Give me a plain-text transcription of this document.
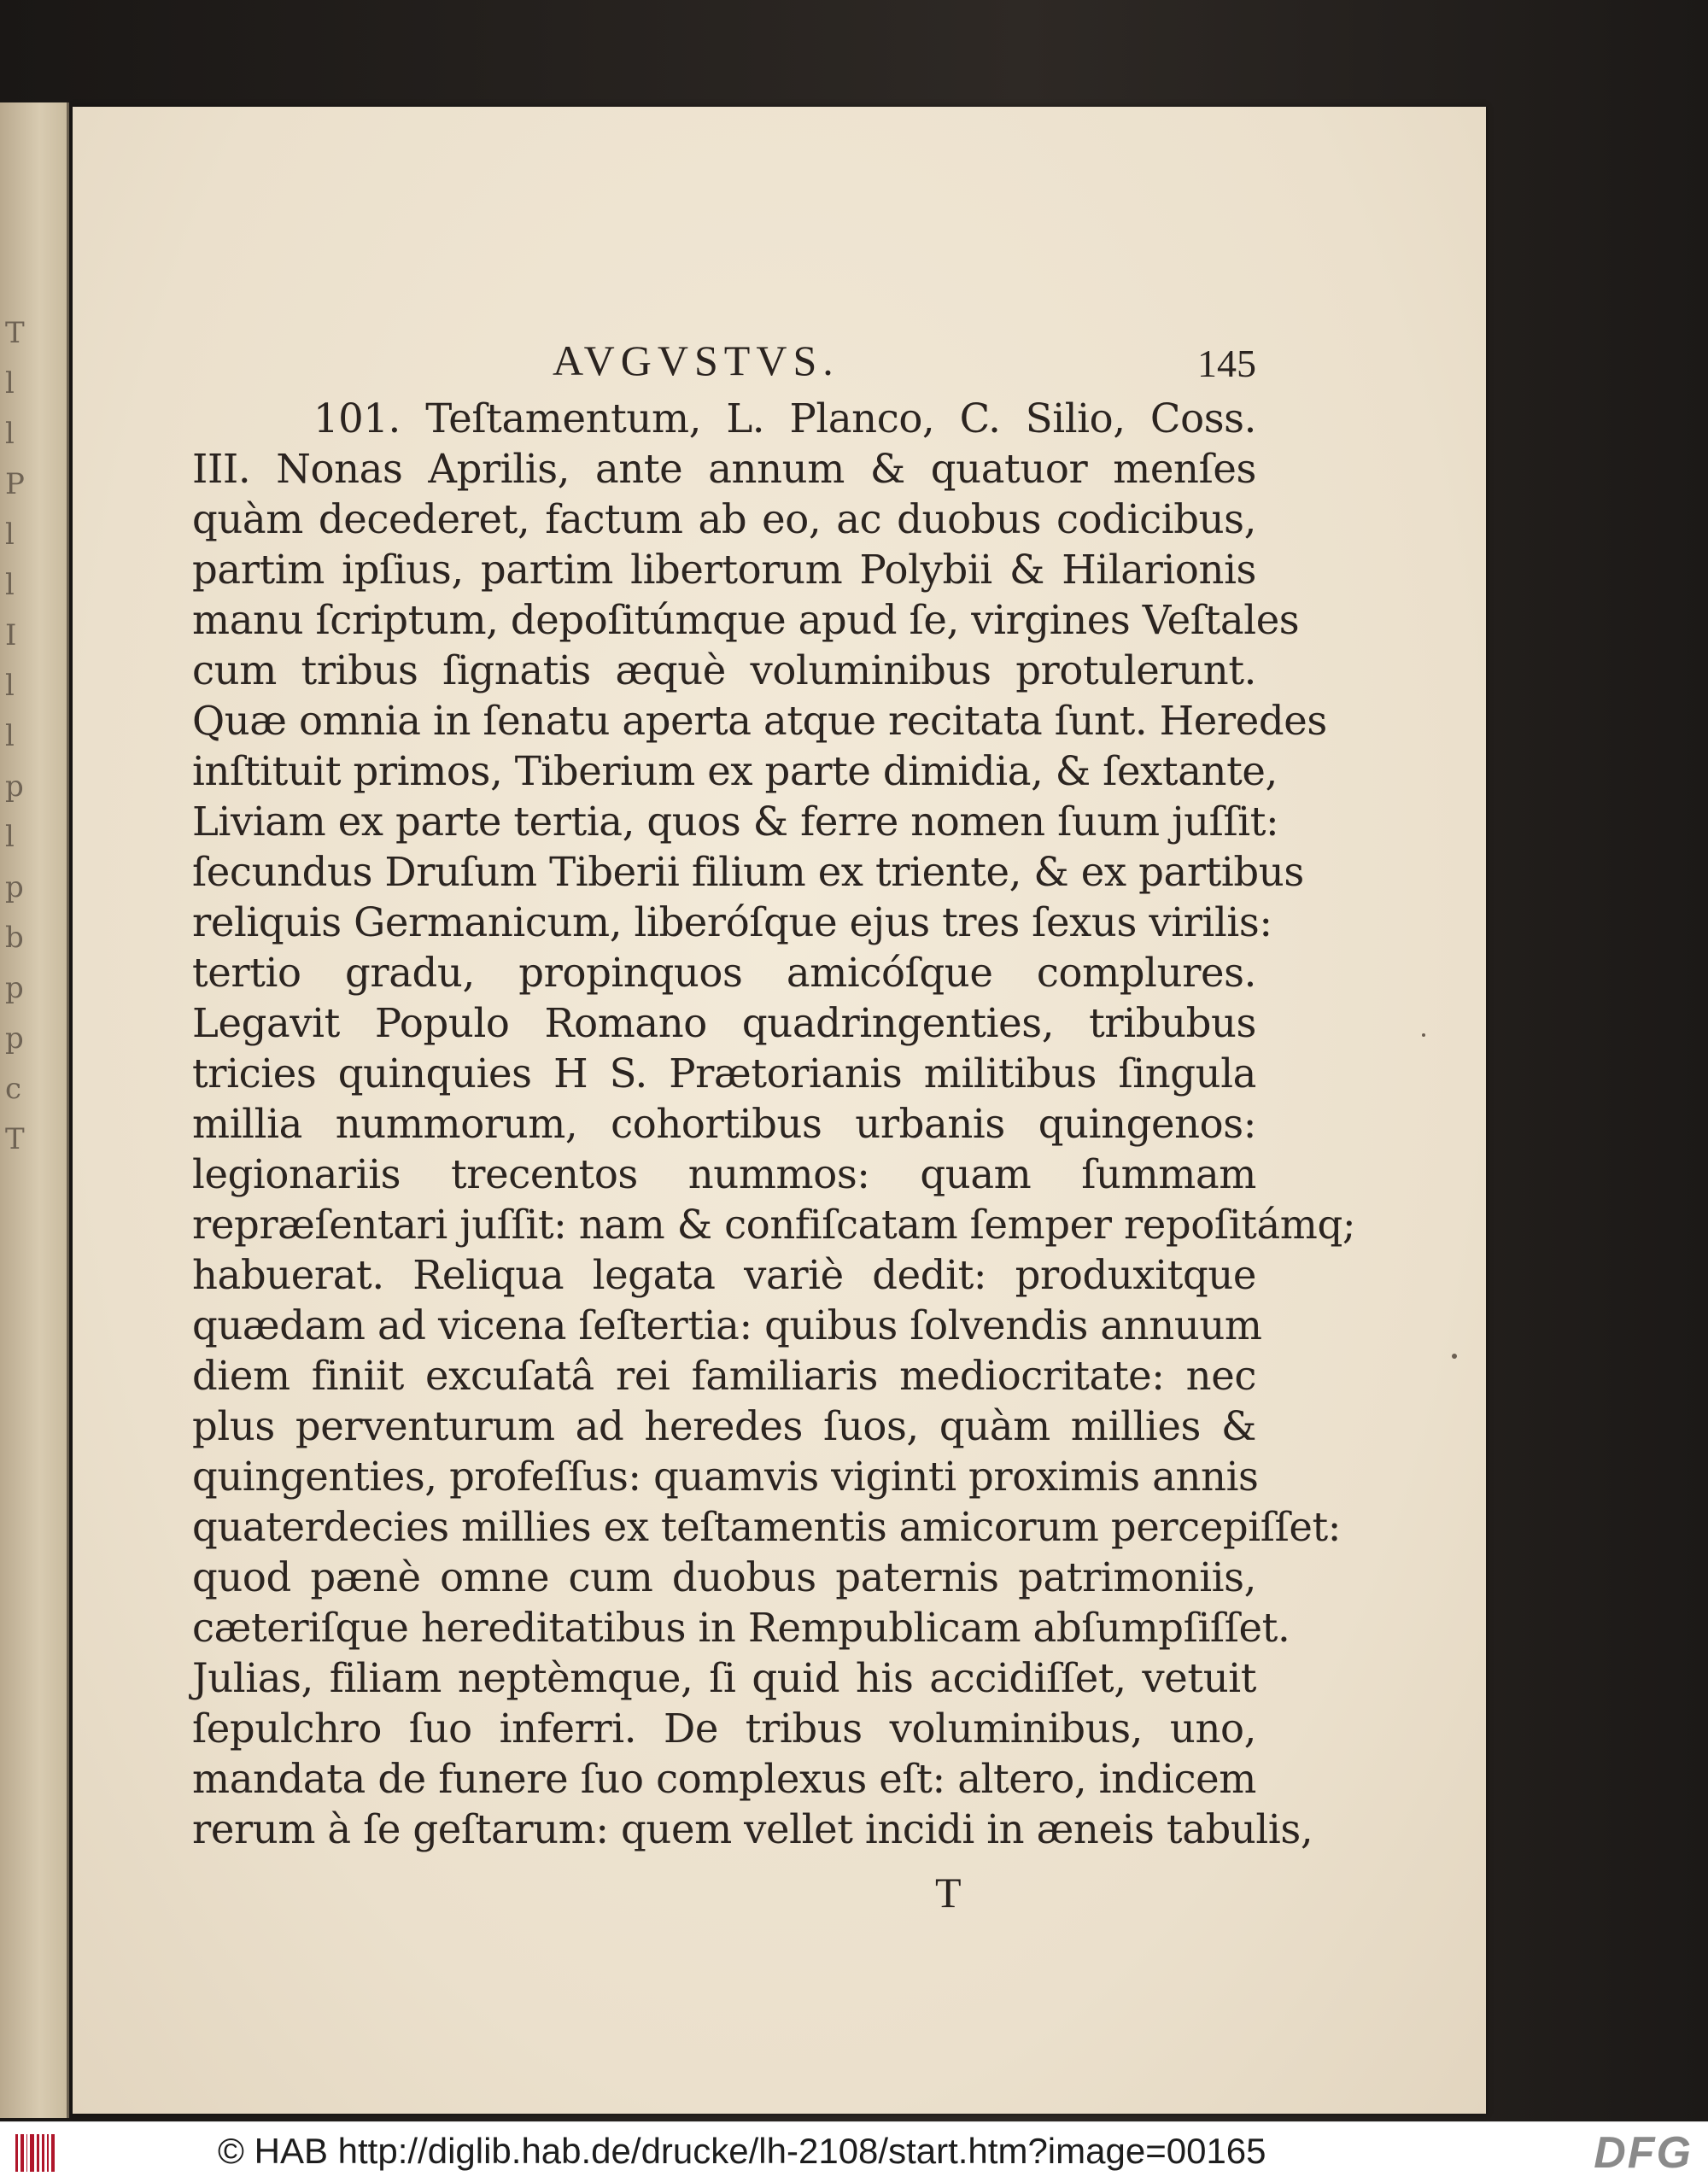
T
l
l
P
l
l
I
l
l
p
l
p
b
p
p
c
T
AVGVSTVS.	145
101. Teſtamentum, L. Planco, C. Silio, Coss.
III. Nonas Aprilis, ante annum & quatuor menſes
quàm decederet, factum ab eo, ac duobus codicibus,
partim ipſius, partim libertorum Polybii & Hilarionis
manu ſcriptum, depoſitúmque apud ſe, virgines Veſtales
cum tribus ſignatis æquè voluminibus protulerunt.
Quæ omnia in ſenatu aperta atque recitata ſunt. Heredes
inſtituit primos, Tiberium ex parte dimidia, & ſextante,
Liviam ex parte tertia, quos & ferre nomen ſuum juſſit:
ſecundus Druſum Tiberii filium ex triente, & ex partibus
reliquis Germanicum, liberóſque ejus tres ſexus virilis:
tertio gradu, propinquos amicóſque complures.
Legavit Populo Romano quadringenties, tribubus
tricies quinquies H S. Prætorianis militibus ſingula
millia nummorum, cohortibus urbanis quingenos:
legionariis trecentos nummos: quam ſummam
repræſentari juſſit: nam & confiſcatam ſemper repoſitámq;
habuerat. Reliqua legata variè dedit: produxitque
quædam ad vicena ſeſtertia: quibus ſolvendis annuum
diem finiit excuſatâ rei familiaris mediocritate: nec
plus perventurum ad heredes ſuos, quàm millies &
quingenties, profeſſus: quamvis viginti proximis annis
quaterdecies millies ex teſtamentis amicorum percepiſſet:
quod pænè omne cum duobus paternis patrimoniis,
cæteriſque hereditatibus in Rempublicam abſumpſiſſet.
Julias, filiam neptèmque, ſi quid his accidiſſet, vetuit
ſepulchro ſuo inferri. De tribus voluminibus, uno,
mandata de funere ſuo complexus eſt: altero, indicem
rerum à ſe geſtarum: quem vellet incidi in æneis tabulis,
T
© HAB http://diglib.hab.de/drucke/lh-2108/start.htm?image=00165	DFG
